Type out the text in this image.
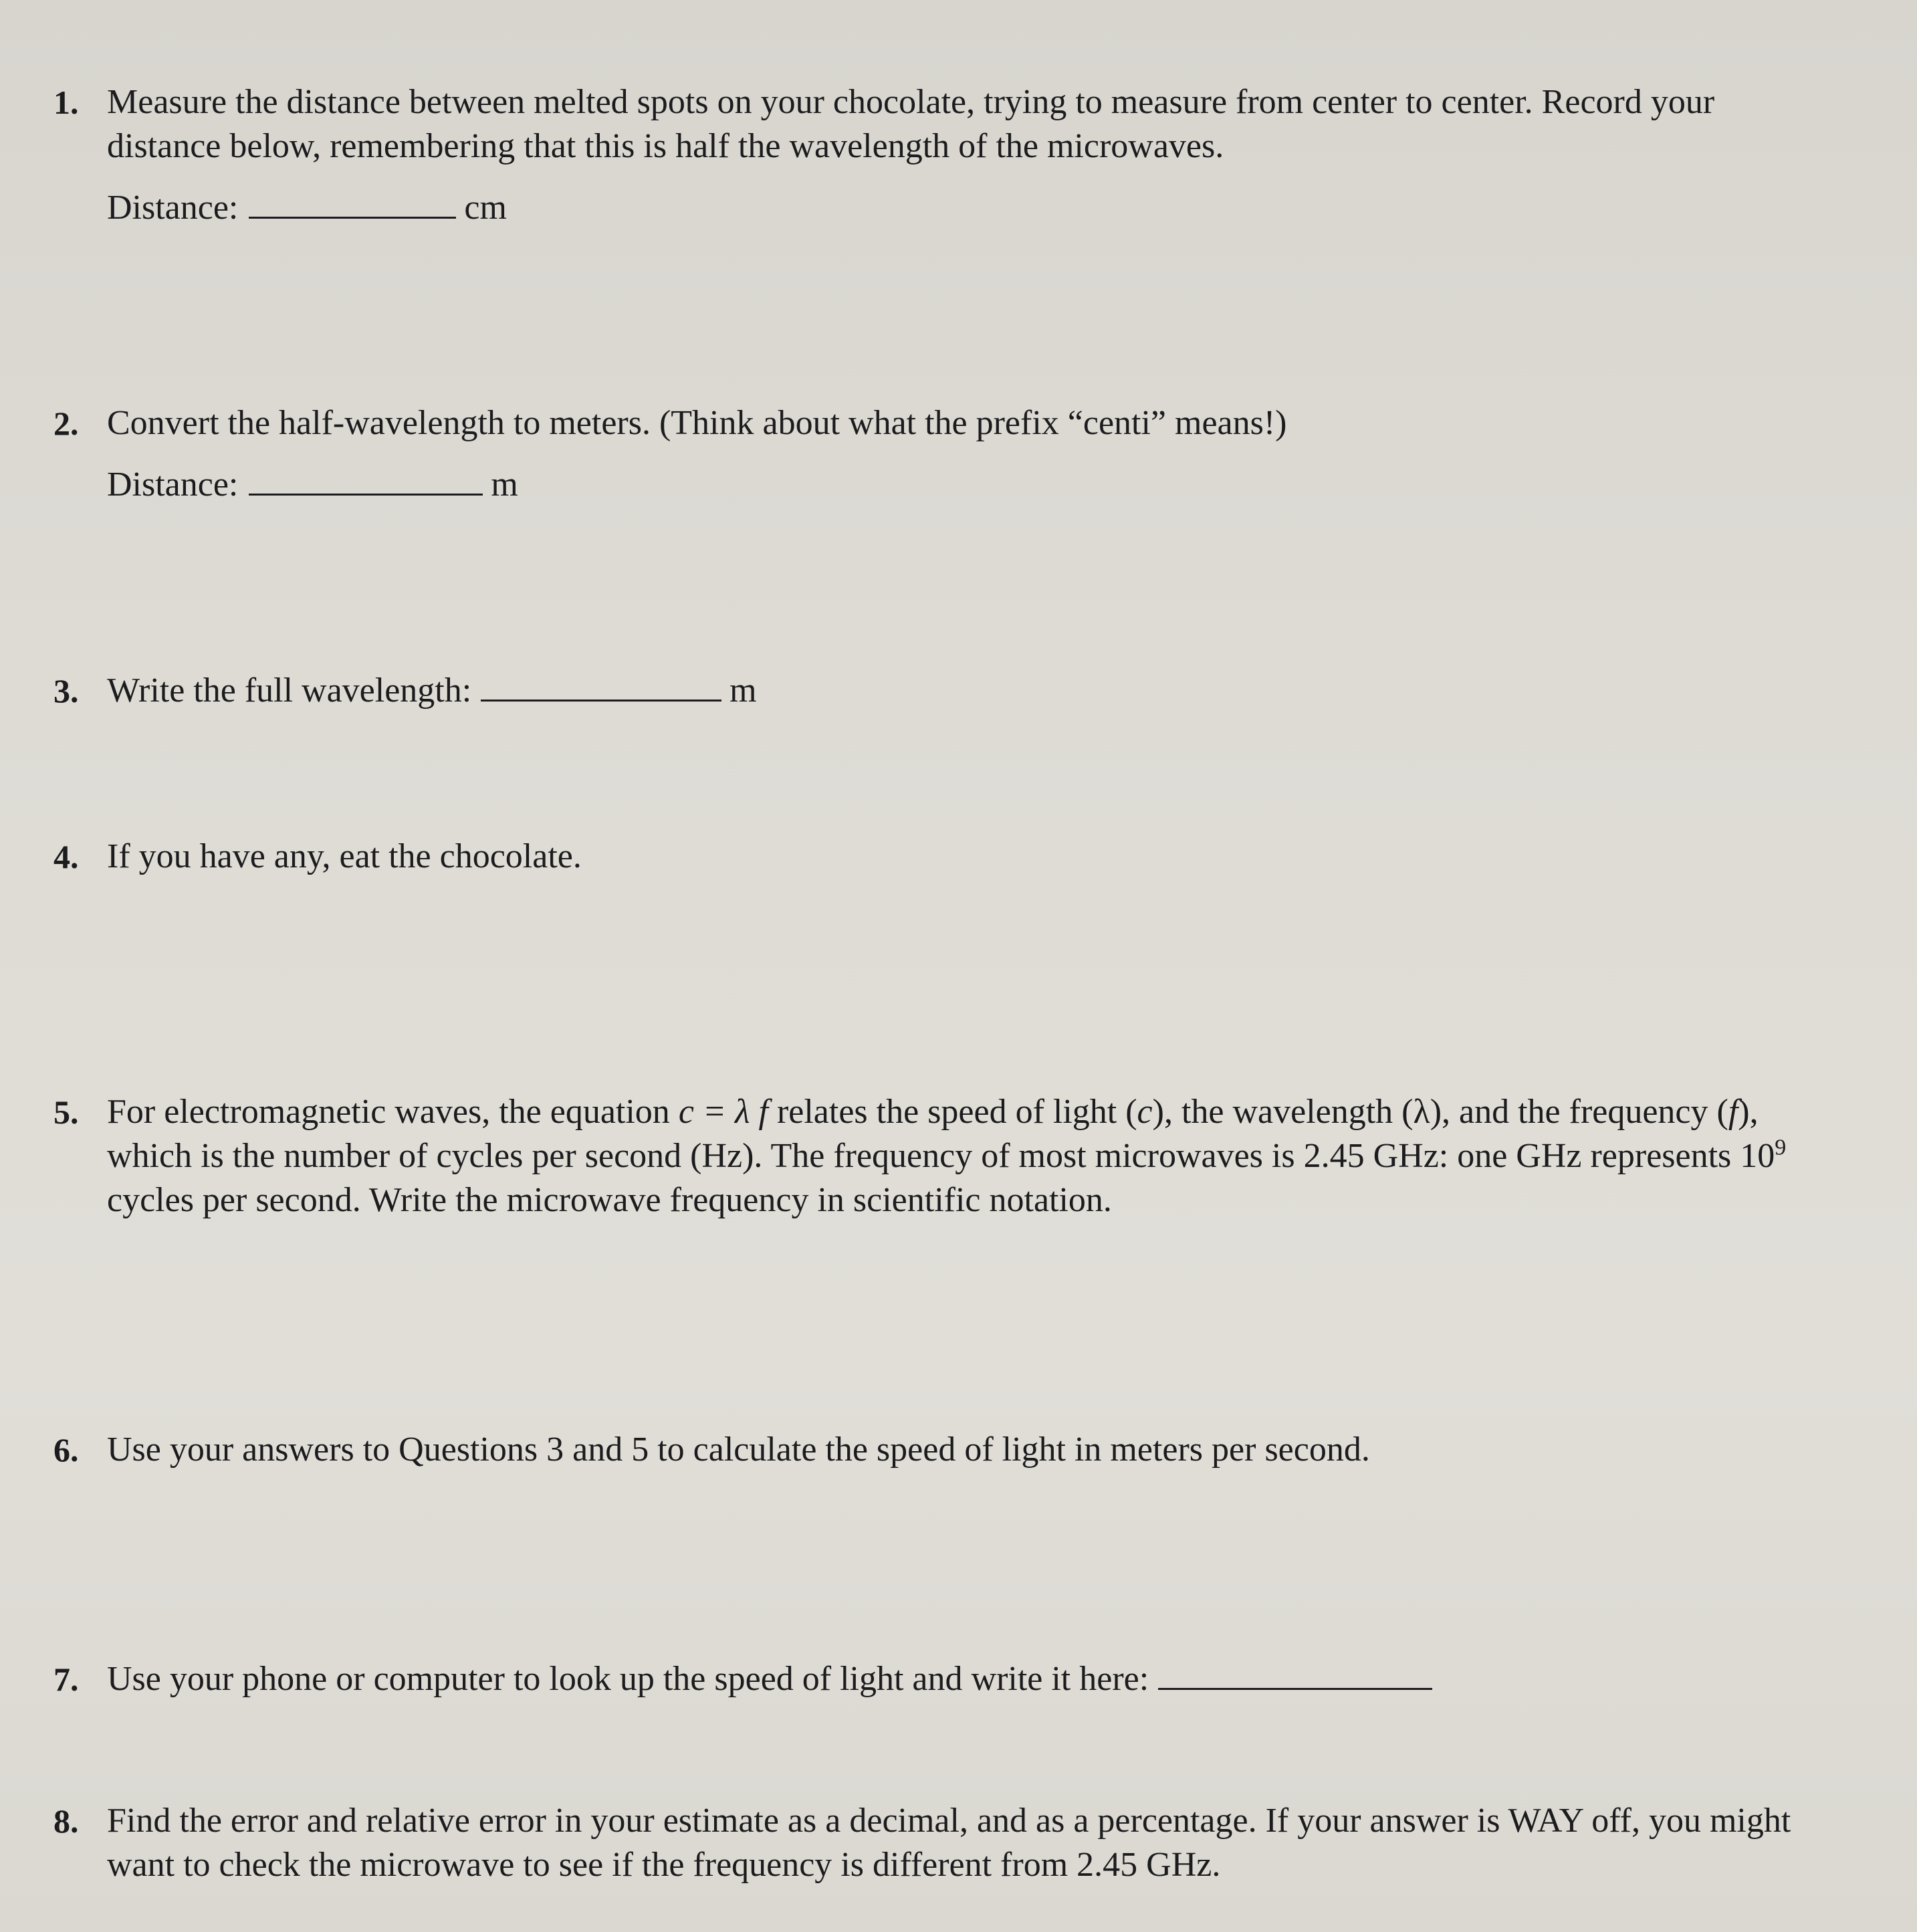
1. Measure the distance between melted spots on your chocolate, trying to measure from center to center. Record your distance below, remembering that this is half the wavelength of the microwaves.
Distance:	cm
2. Convert the half-wavelength to meters. (Think about what the prefix “centi” means!)
Distance:	m
3. Write the full wavelength:	m
4. If you have any, eat the chocolate.
5. For electromagnetic waves, the equation c = λ f relates the speed of light (c), the wavelength (λ), and the frequency (f), which is the number of cycles per second (Hz). The frequency of most microwaves is 2.45 GHz: one GHz represents $10^9$ cycles per second. Write the microwave frequency in scientific notation.
6. Use your answers to Questions 3 and 5 to calculate the speed of light in meters per second.
7. Use your phone or computer to look up the speed of light and write it here:
8. Find the error and relative error in your estimate as a decimal, and as a percentage. If your answer is WAY off, you might want to check the microwave to see if the frequency is different from 2.45 GHz.
